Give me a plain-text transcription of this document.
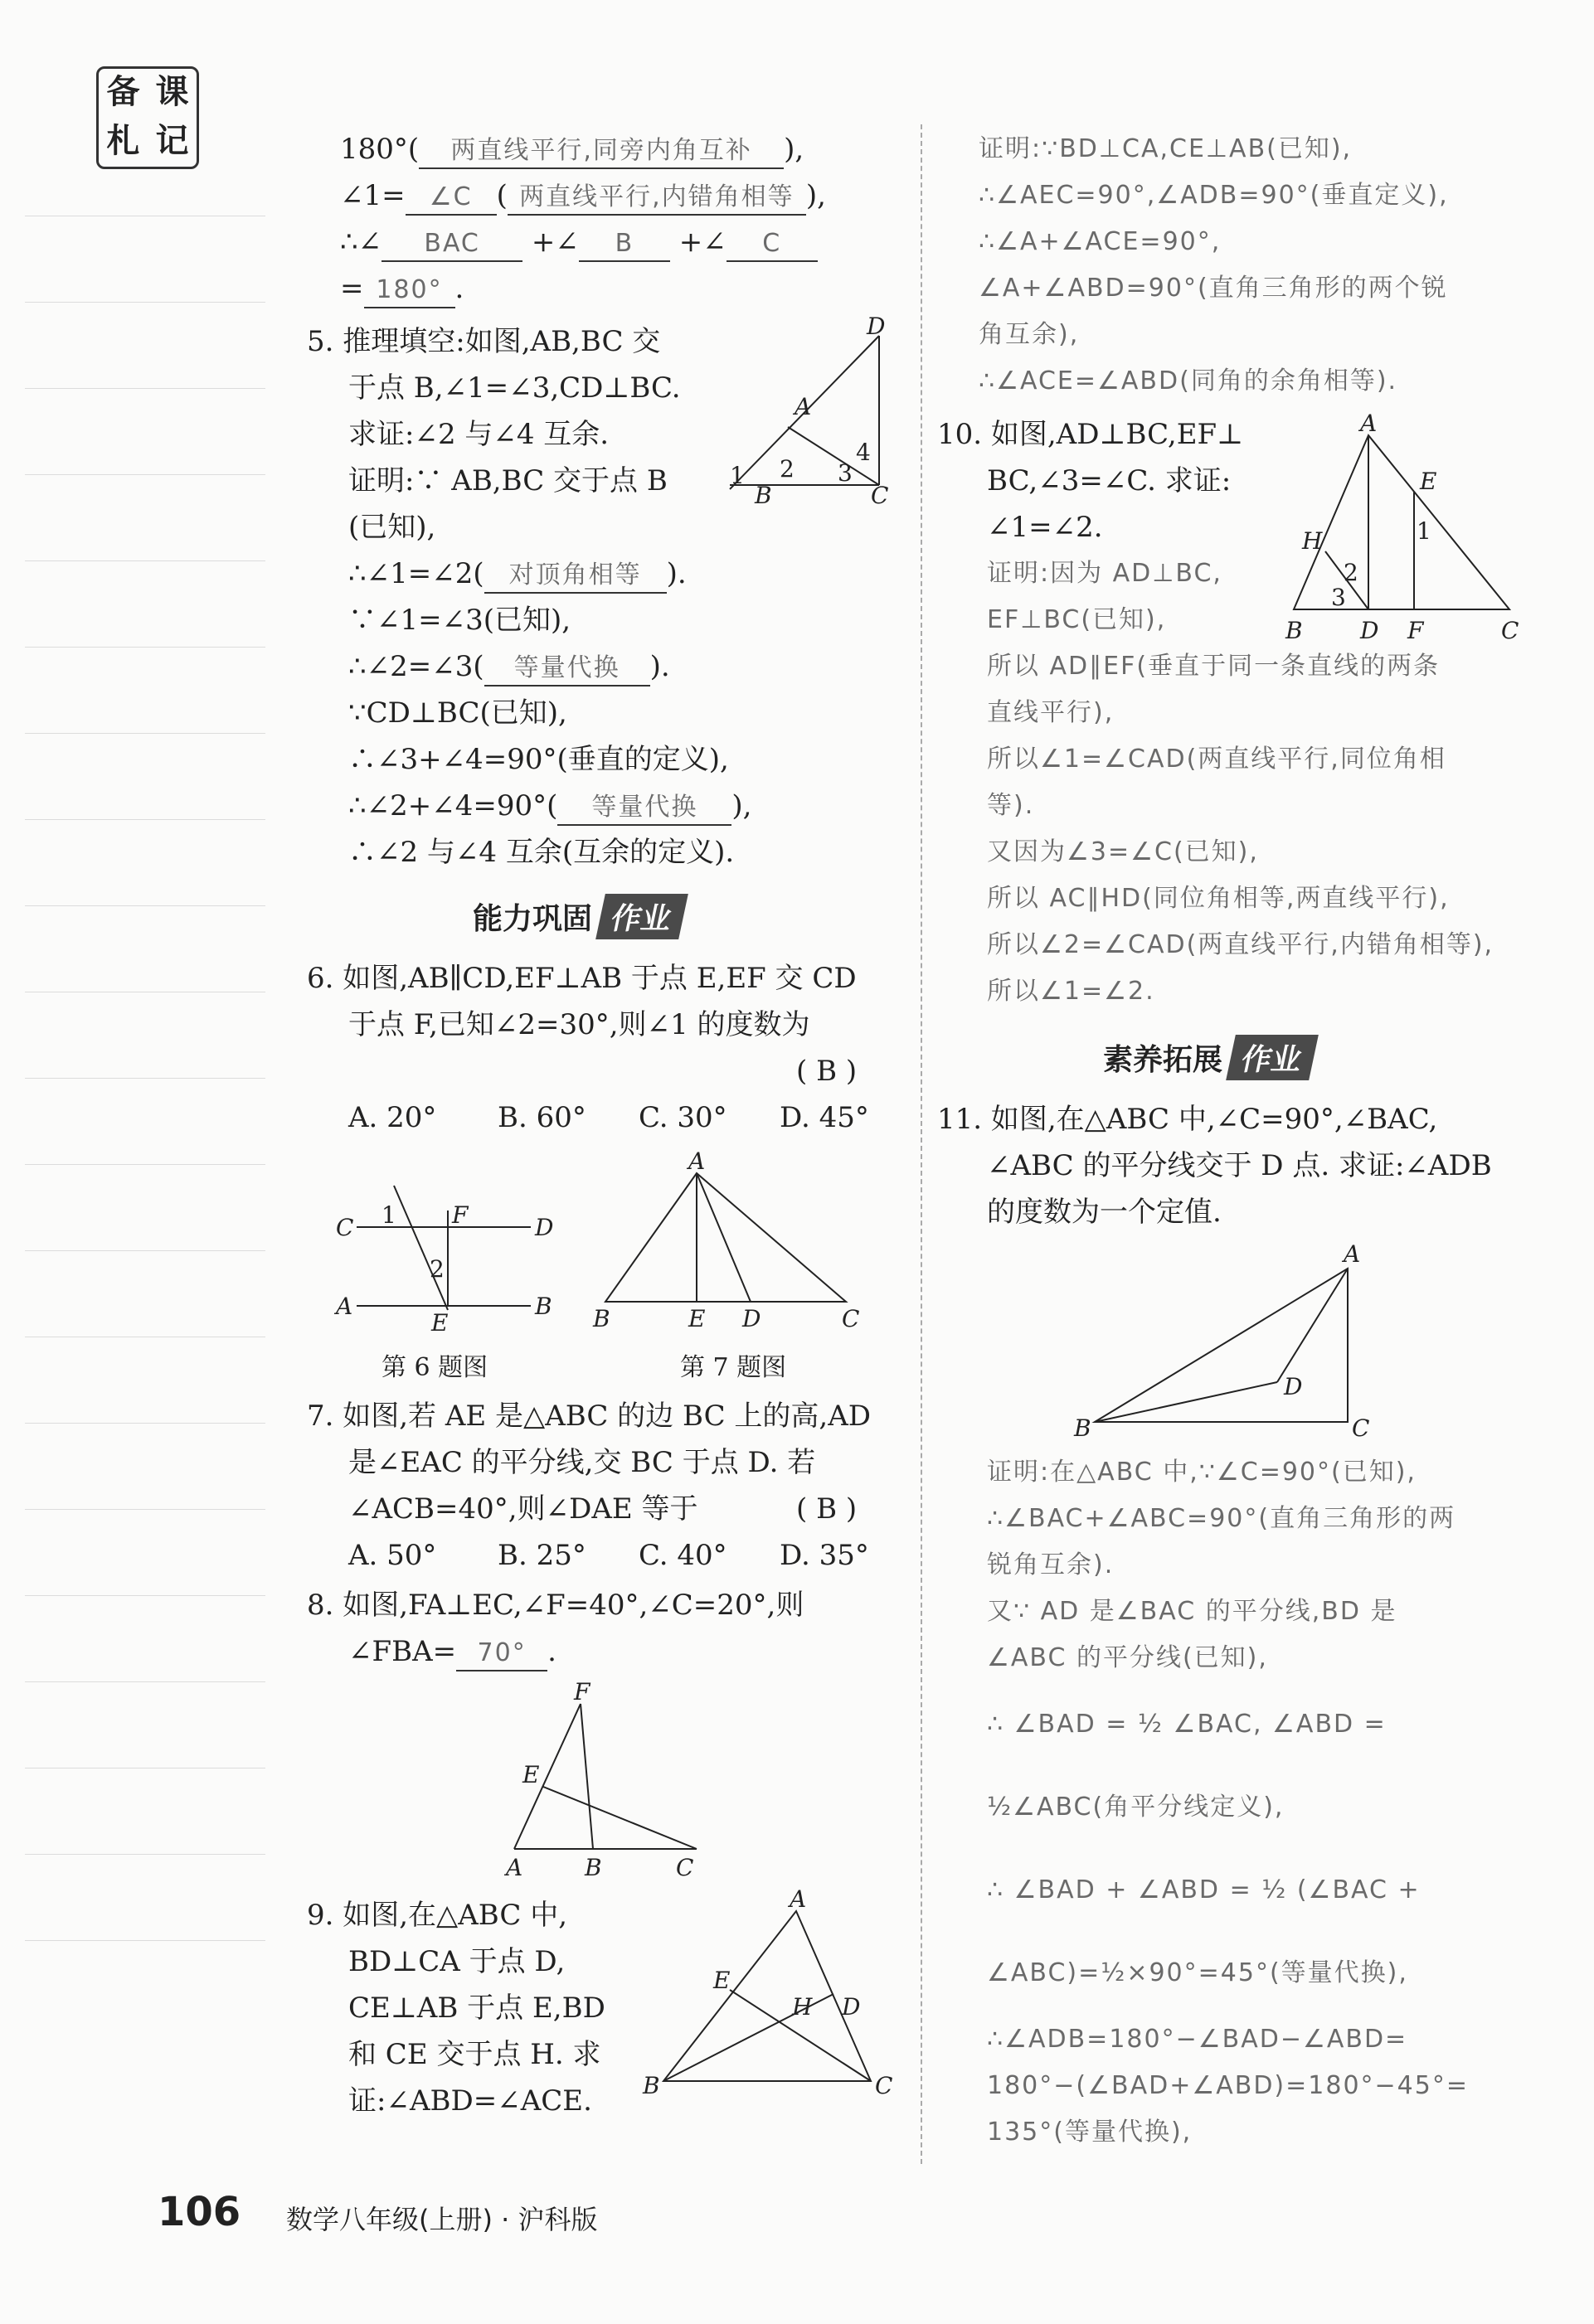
备 课
札 记	180°( 两直线平行,同旁内角互补 ),
∠1= ∠C ( 两直线平行,内错角相等 ),
∴∠ BAC +∠ B +∠ C
= 180° .
5. 推理填空:如图,AB,BC 交
于点 B,∠1=∠3,CD⊥BC.
求证:∠2 与∠4 互余.
证明:∵ AB,BC 交于点 B
(已知),
∴∠1=∠2( 对顶角相等 ).
∵∠1=∠3(已知),
∴∠2=∠3( 等量代换 ).
∵CD⊥BC(已知),
∴∠3+∠4=90°(垂直的定义),
∴∠2+∠4=90°( 等量代换 ),
∴∠2 与∠4 互余(互余的定义).
D
A
B	C
1 2 3
4
能力巩固 作业
6. 如图,AB∥CD,EF⊥AB 于点 E,EF 交 CD
于点 F,已知∠2=30°,则∠1 的度数为
( B )
A. 20° B. 60° C. 30° D. 45°
C	D
A	B
F
E
1
2
A
B	E D	C
第 6 题图	第 7 题图
7. 如图,若 AE 是△ABC 的边 BC 上的高,AD
是∠EAC 的平分线,交 BC 于点 D. 若
∠ACB=40°,则∠DAE 等于	( B )
A. 50° B. 25° C. 40° D. 35°
8. 如图,FA⊥EC,∠F=40°,∠C=20°,则
∠FBA= 70° .
F
E
A	B	C
9. 如图,在△ABC 中,
BD⊥CA 于点 D,
CE⊥AB 于点 E,BD
和 CE 交于点 H. 求
证:∠ABD=∠ACE.
A
B	C
E
D
H
证明:∵BD⊥CA,CE⊥AB(已知),
∴∠AEC=90°,∠ADB=90°(垂直定义),
∴∠A+∠ACE=90°,
∠A+∠ABD=90°(直角三角形的两个锐
角互余),
∴∠ACE=∠ABD(同角的余角相等).
10. 如图,AD⊥BC,EF⊥
BC,∠3=∠C. 求证:
∠1=∠2.
证明:因为 AD⊥BC,
EF⊥BC(已知),
所以 AD∥EF(垂直于同一条直线的两条
直线平行),
所以∠1=∠CAD(两直线平行,同位角相
等).
又因为∠3=∠C(已知),
所以 AC∥HD(同位角相等,两直线平行),
所以∠2=∠CAD(两直线平行,内错角相等),
所以∠1=∠2.
A
E
H
B D F	C
2
3
1
素养拓展 作业
11. 如图,在△ABC 中,∠C=90°,∠BAC,
∠ABC 的平分线交于 D 点. 求证:∠ADB
的度数为一个定值.
A
B	C
D
证明:在△ABC 中,∵∠C=90°(已知),
∴∠BAC+∠ABC=90°(直角三角形的两
锐角互余).
又∵ AD 是∠BAC 的平分线,BD 是
∠ABC 的平分线(已知),
∴ ∠BAD = ½ ∠BAC, ∠ABD =
½∠ABC(角平分线定义),
∴ ∠BAD + ∠ABD = ½ (∠BAC +
∠ABC)=½×90°=45°(等量代换),
∴∠ADB=180°−∠BAD−∠ABD=
180°−(∠BAD+∠ABD)=180°−45°=
135°(等量代换),
106 数学八年级(上册) · 沪科版
